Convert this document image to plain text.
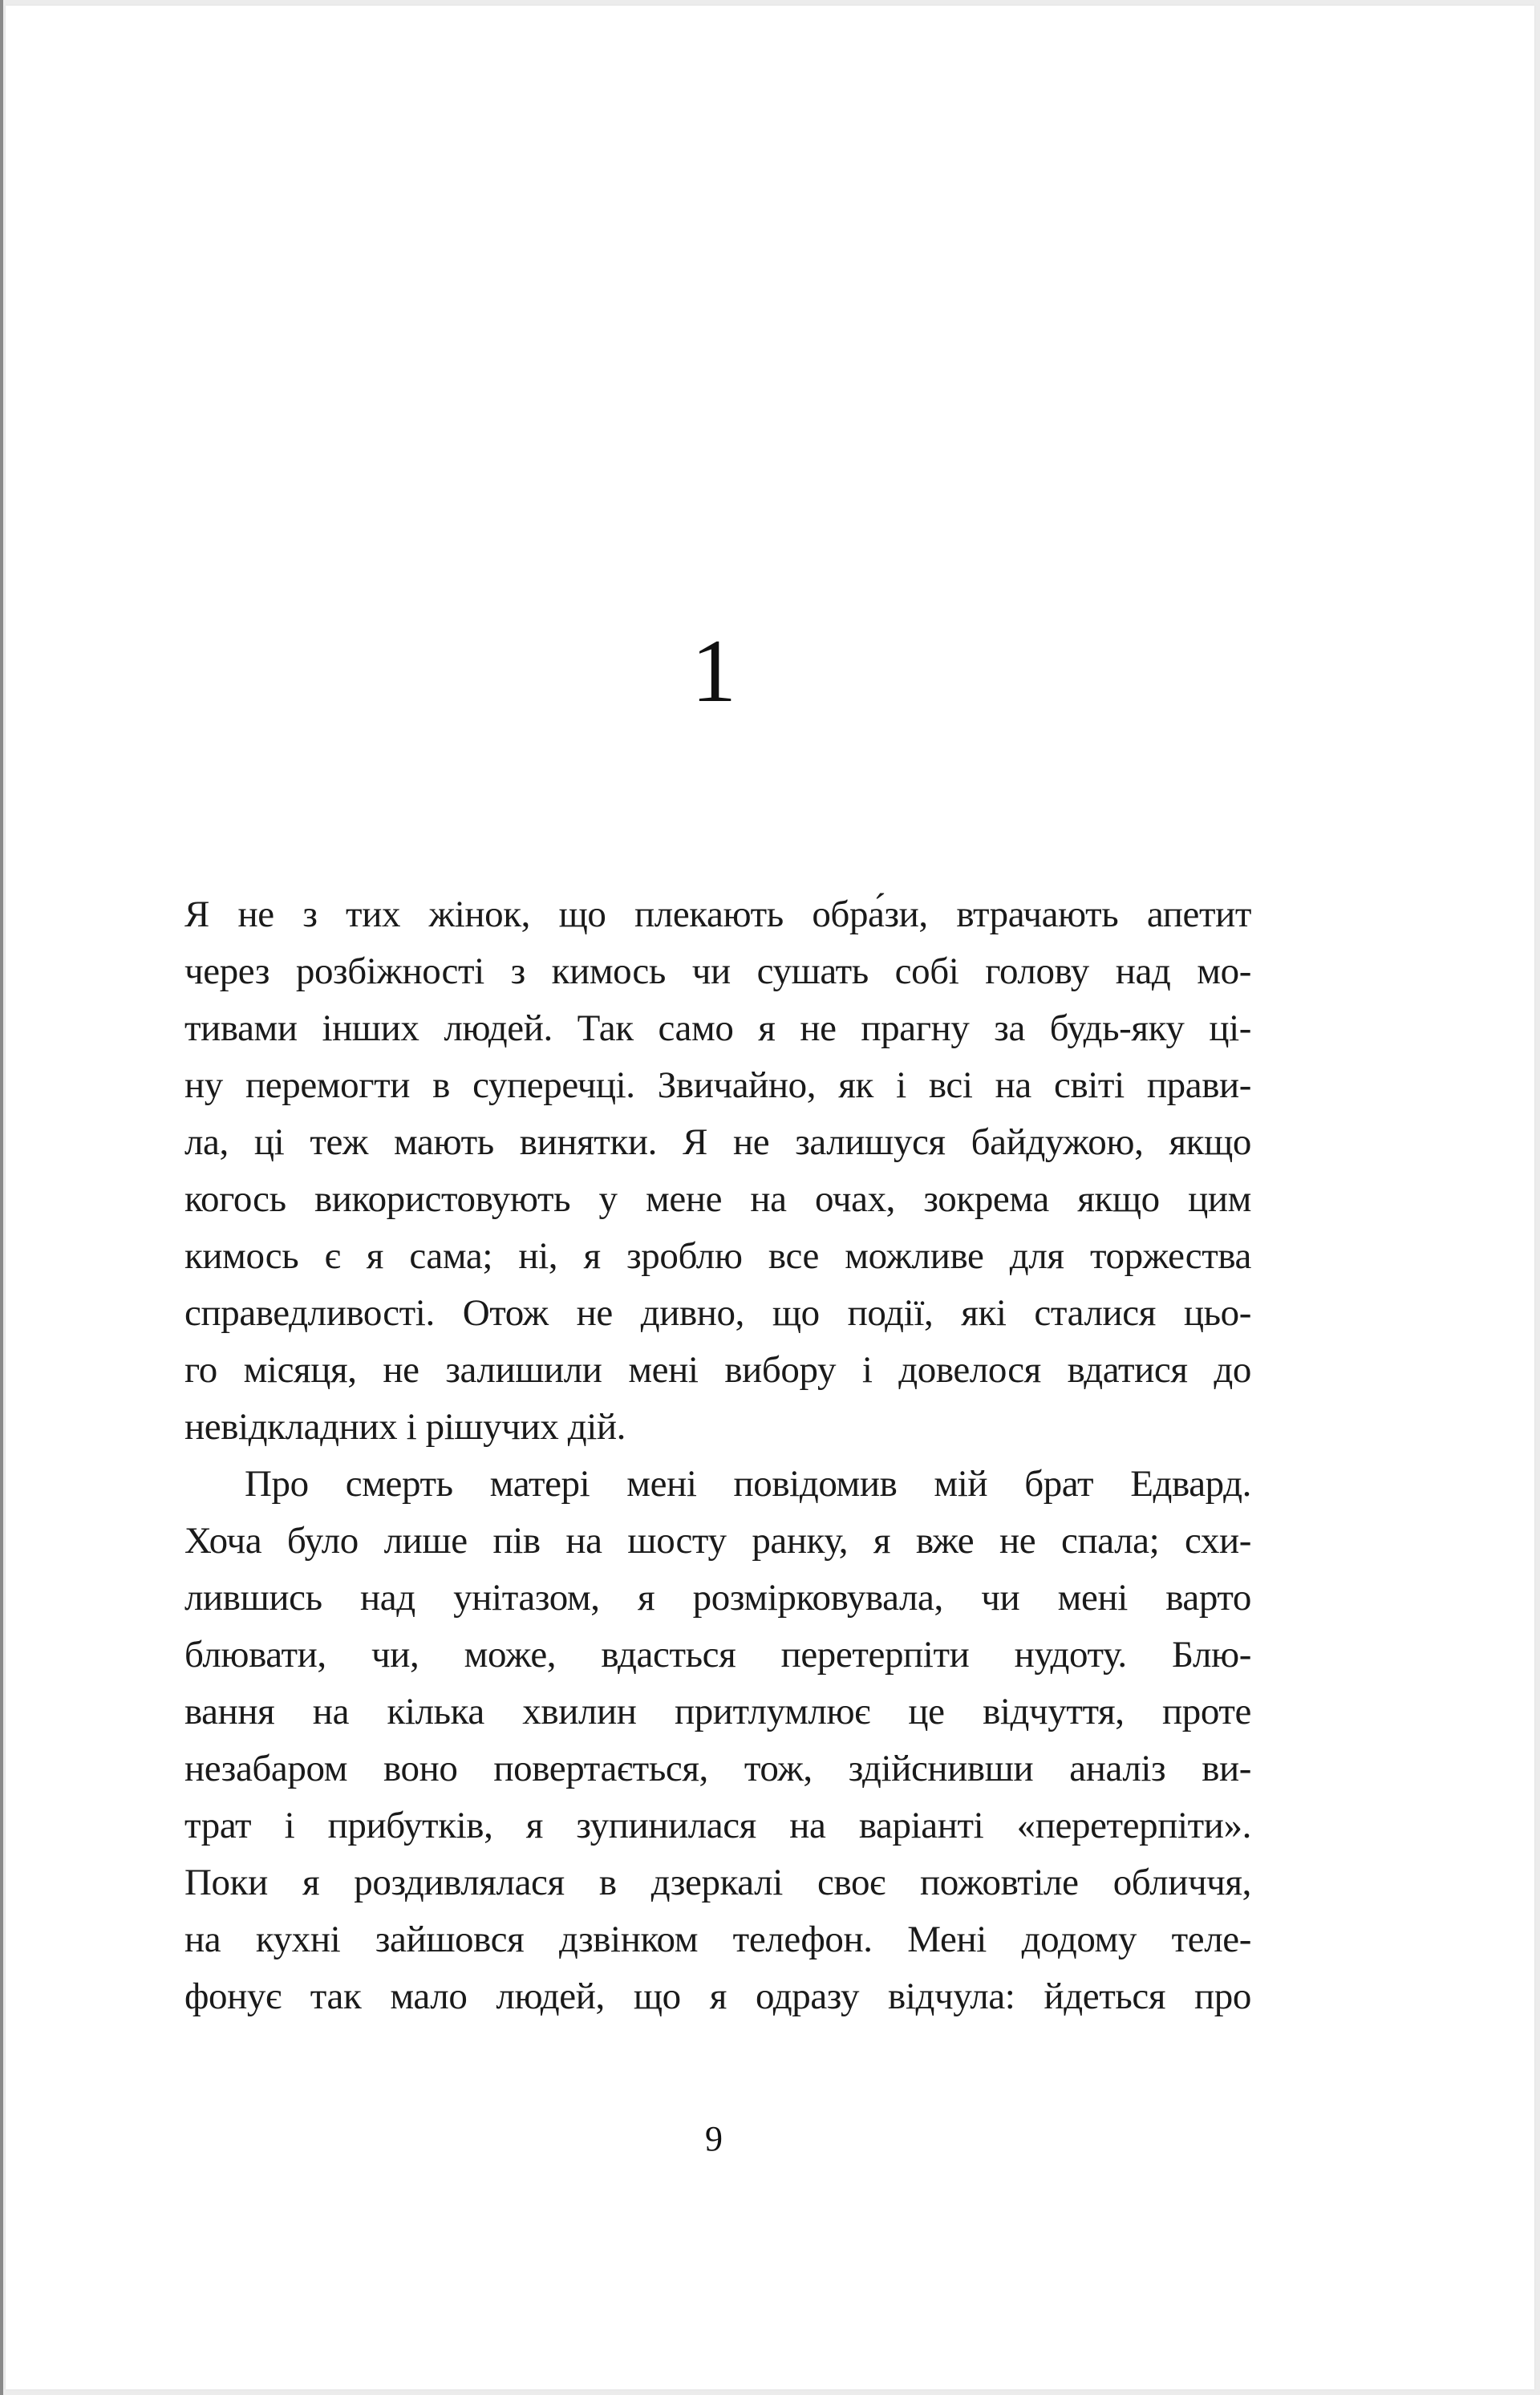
1
Я не з тих жінок, що плекають обра́зи, втрачають апетит
через розбіжності з кимось чи сушать собі голову над мо-
тивами інших людей. Так само я не прагну за будь-яку ці-
ну перемогти в суперечці. Звичайно, як і всі на світі прави-
ла, ці теж мають винятки. Я не залишуся байдужою, якщо
когось використовують у мене на очах, зокрема якщо цим
кимось є я сама; ні, я зроблю все можливе для торжества
справедливості. Отож не дивно, що події, які сталися цьо-
го місяця, не залишили мені вибору і довелося вдатися до
невідкладних і рішучих дій.
Про смерть матері мені повідомив мій брат Едвард.
Хоча було лише пів на шосту ранку, я вже не спала; схи-
лившись над унітазом, я розмірковувала, чи мені варто
блювати, чи, може, вдасться перетерпіти нудоту. Блю-
вання на кілька хвилин притлумлює це відчуття, проте
незабаром воно повертається, тож, здійснивши аналіз ви-
трат і прибутків, я зупинилася на варіанті «перетерпіти».
Поки я роздивлялася в дзеркалі своє пожовтіле обличчя,
на кухні зайшовся дзвінком телефон. Мені додому теле-
фонує так мало людей, що я одразу відчула: йдеться про
9
